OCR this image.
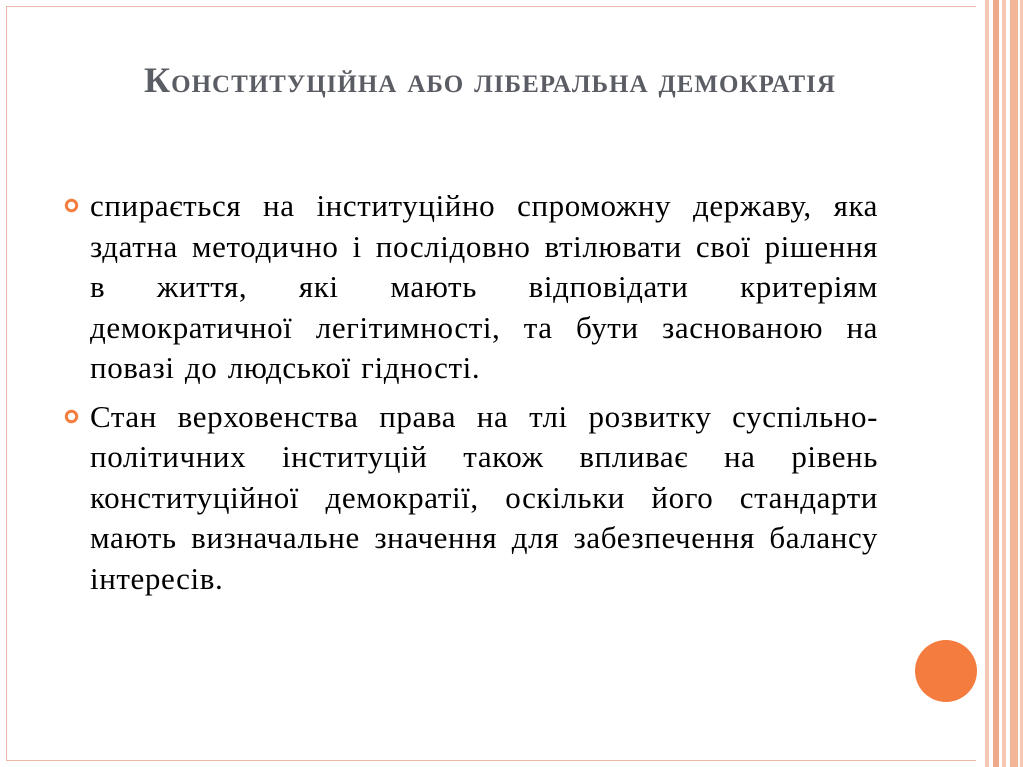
Конституційна або ліберальна демократія
спирається на інституційно спроможну державу, яка здатна методично і послідовно втілювати свої рішення в життя, які мають відповідати критеріям демократичної легітимності, та бути заснованою на повазі до людської гідності.
Стан верховенства права на тлі розвитку суспільно-політичних інституцій також впливає на рівень конституційної демократії, оскільки його стандарти мають визначальне значення для забезпечення балансу інтересів.
